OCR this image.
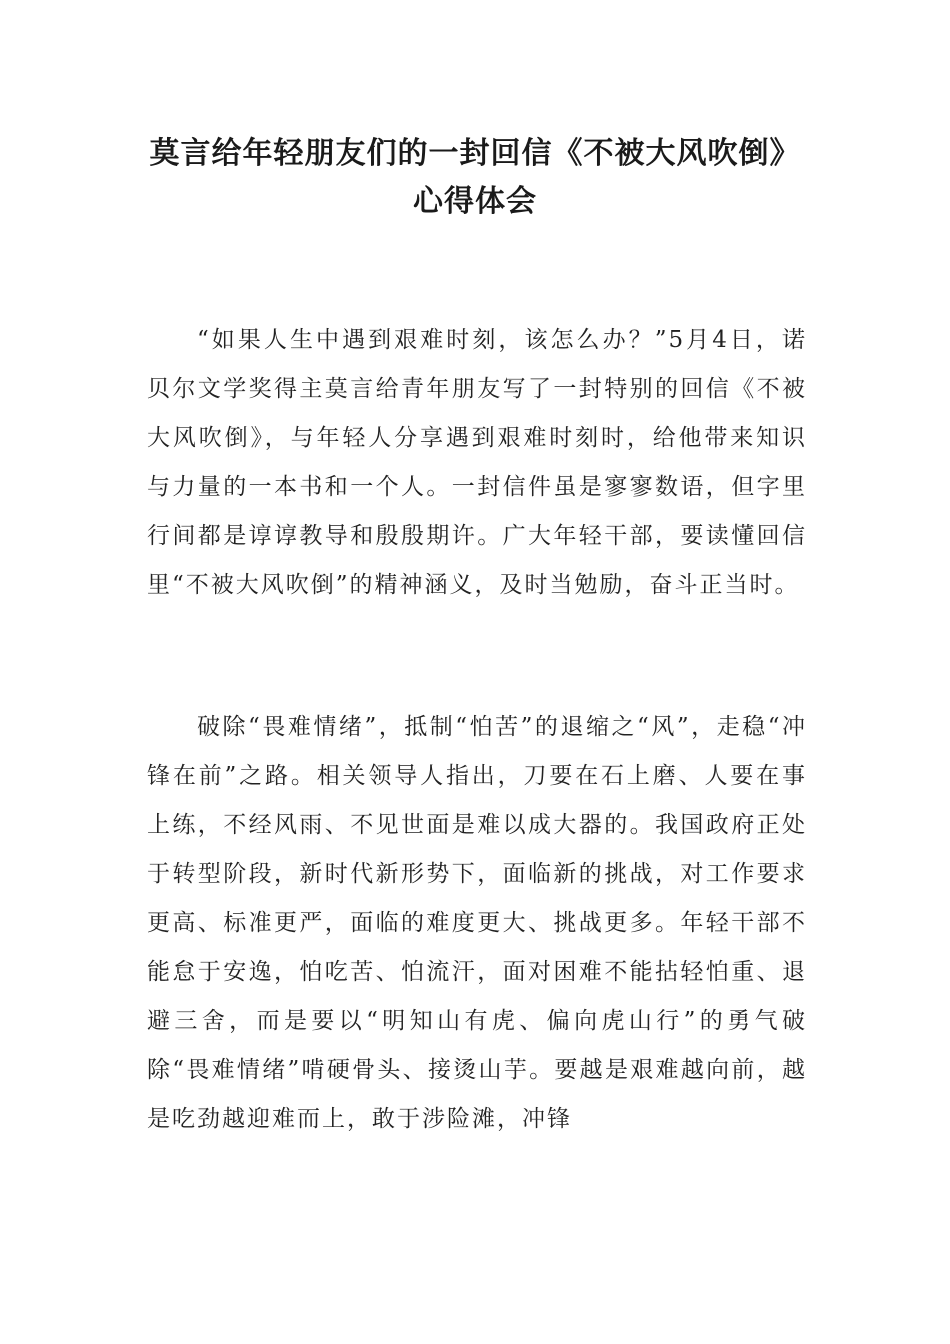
莫言给年轻朋友们的一封回信《不被大风吹倒》心得体会

“如果人生中遇到艰难时刻，该怎么办？”5月4日，诺贝尔文学奖得主莫言给青年朋友写了一封特别的回信《不被大风吹倒》，与年轻人分享遇到艰难时刻时，给他带来知识与力量的一本书和一个人。一封信件虽是寥寥数语，但字里行间都是谆谆教导和殷殷期许。广大年轻干部，要读懂回信里“不被大风吹倒”的精神涵义，及时当勉励，奋斗正当时。

破除“畏难情绪”，抵制“怕苦”的退缩之“风”，走稳“冲锋在前”之路。相关领导人指出，刀要在石上磨、人要在事上练，不经风雨、不见世面是难以成大器的。我国政府正处于转型阶段，新时代新形势下，面临新的挑战，对工作要求更高、标准更严，面临的难度更大、挑战更多。年轻干部不能怠于安逸，怕吃苦、怕流汗，面对困难不能拈轻怕重、退避三舍，而是要以“明知山有虎、偏向虎山行”的勇气破除“畏难情绪”啃硬骨头、接烫山芋。要越是艰难越向前，越是吃劲越迎难而上，敢于涉险滩，冲锋
